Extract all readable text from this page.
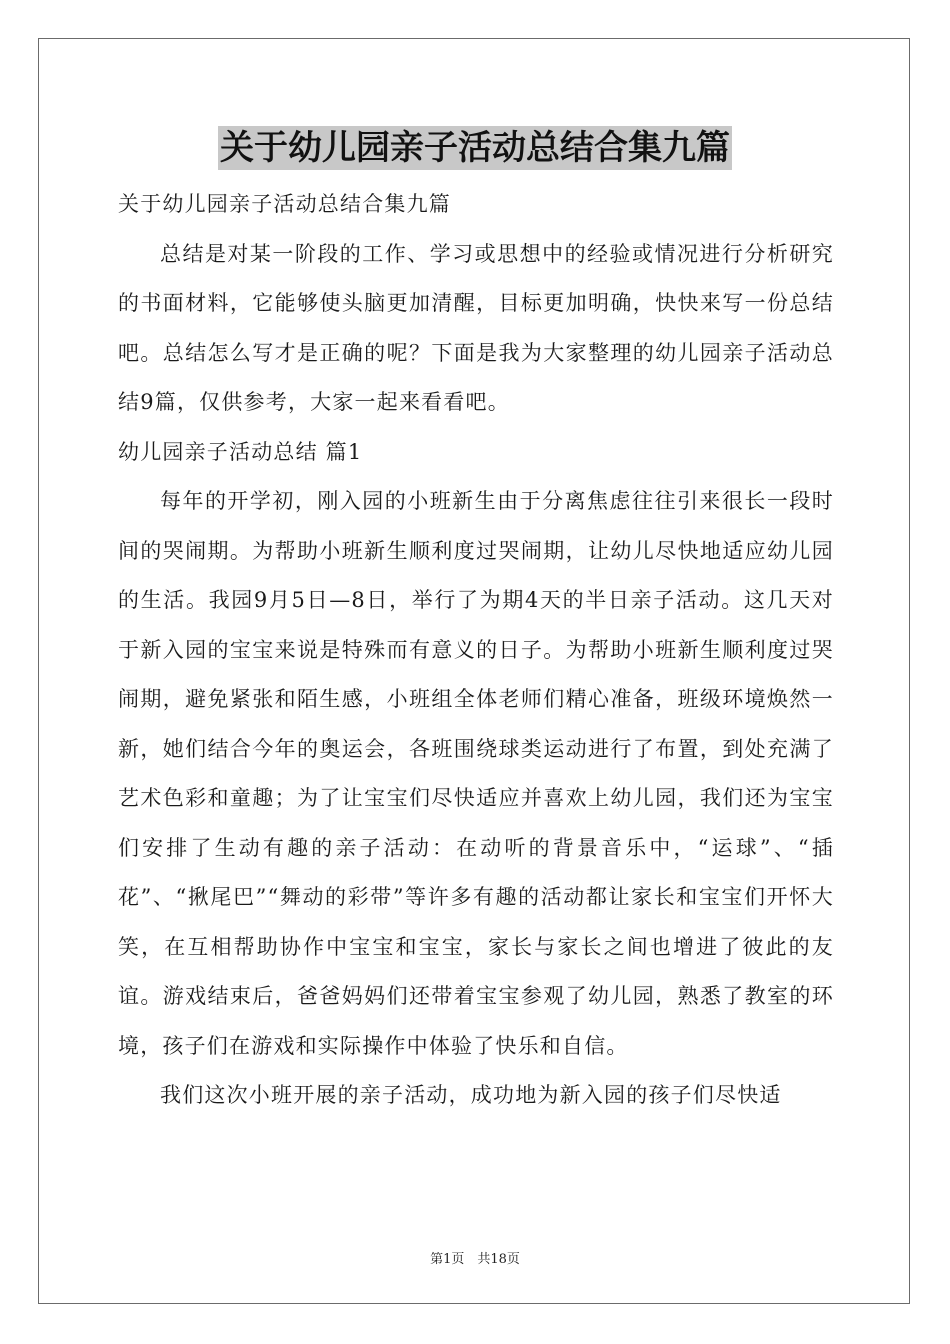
关于幼儿园亲子活动总结合集九篇

关于幼儿园亲子活动总结合集九篇

总结是对某一阶段的工作、学习或思想中的经验或情况进行分析研究的书面材料，它能够使头脑更加清醒，目标更加明确，快快来写一份总结吧。总结怎么写才是正确的呢？下面是我为大家整理的幼儿园亲子活动总结9篇，仅供参考，大家一起来看看吧。

幼儿园亲子活动总结 篇1

每年的开学初，刚入园的小班新生由于分离焦虑往往引来很长一段时间的哭闹期。为帮助小班新生顺利度过哭闹期，让幼儿尽快地适应幼儿园的生活。我园9月5日—8日，举行了为期4天的半日亲子活动。这几天对于新入园的宝宝来说是特殊而有意义的日子。为帮助小班新生顺利度过哭闹期，避免紧张和陌生感，小班组全体老师们精心准备，班级环境焕然一新，她们结合今年的奥运会，各班围绕球类运动进行了布置，到处充满了艺术色彩和童趣；为了让宝宝们尽快适应并喜欢上幼儿园，我们还为宝宝们安排了生动有趣的亲子活动：在动听的背景音乐中，“运球”、“插花”、“揪尾巴”“舞动的彩带”等许多有趣的活动都让家长和宝宝们开怀大笑，在互相帮助协作中宝宝和宝宝，家长与家长之间也增进了彼此的友谊。游戏结束后，爸爸妈妈们还带着宝宝参观了幼儿园，熟悉了教室的环境，孩子们在游戏和实际操作中体验了快乐和自信。

我们这次小班开展的亲子活动，成功地为新入园的孩子们尽快适

第1页　共18页
